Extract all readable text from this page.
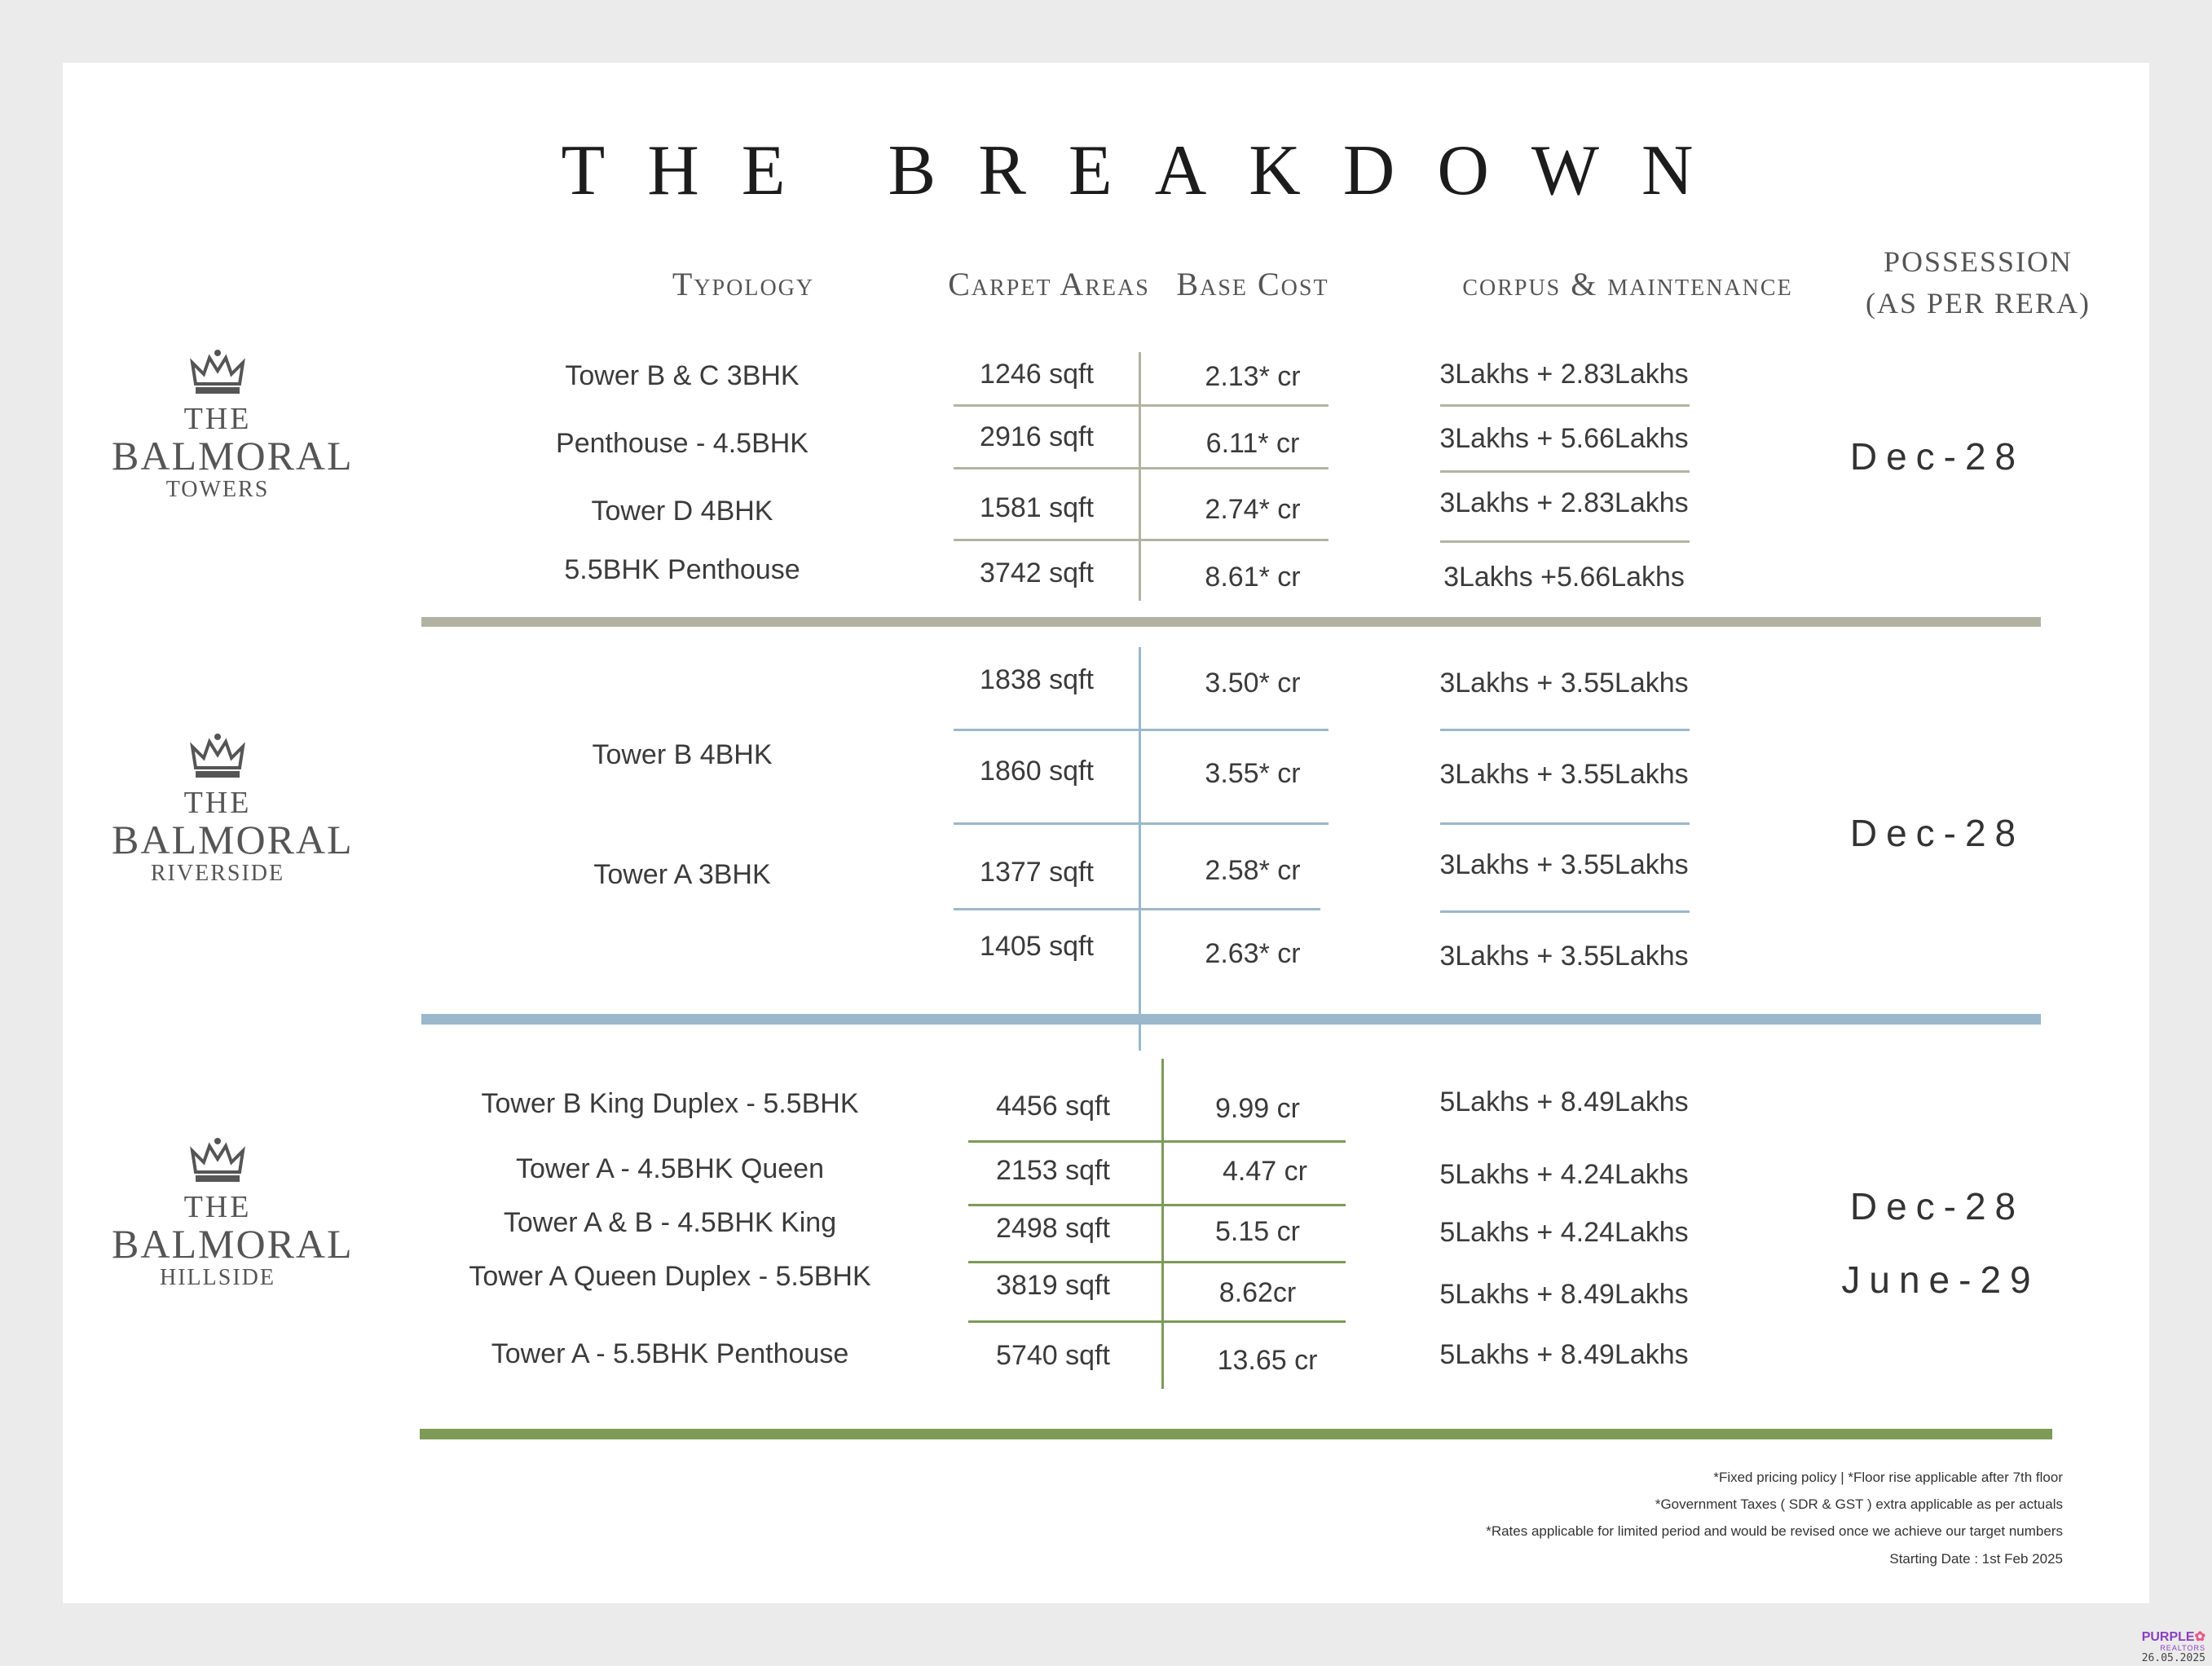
THE BREAKDOWN
Typology	Carpet Areas Base Cost	corpus & maintenance
POSSESSION
(AS PER RERA)
THE
BALMORAL
TOWERS
THE
BALMORAL
RIVERSIDE
THE
BALMORAL
HILLSIDE
Tower B & C 3BHK
Penthouse - 4.5BHK
Tower D 4BHK
5.5BHK Penthouse
1246 sqft
2916 sqft
1581 sqft
3742 sqft
2.13* cr
6.11* cr
2.74* cr
8.61* cr
3Lakhs + 2.83Lakhs
3Lakhs + 5.66Lakhs
3Lakhs + 2.83Lakhs
3Lakhs +5.66Lakhs
Dec-28
Tower B 4BHK
Tower A 3BHK
1838 sqft
1860 sqft
1377 sqft
1405 sqft
3.50* cr
3.55* cr
2.58* cr
2.63* cr
3Lakhs + 3.55Lakhs
3Lakhs + 3.55Lakhs
3Lakhs + 3.55Lakhs
3Lakhs + 3.55Lakhs
Dec-28
Tower B King Duplex - 5.5BHK
Tower A - 4.5BHK Queen
Tower A & B - 4.5BHK King
Tower A Queen Duplex - 5.5BHK
Tower A - 5.5BHK Penthouse
4456 sqft
2153 sqft
2498 sqft
3819 sqft
5740 sqft
9.99 cr
4.47 cr
5.15 cr
8.62cr
13.65 cr
5Lakhs + 8.49Lakhs
5Lakhs + 4.24Lakhs
5Lakhs + 4.24Lakhs
5Lakhs + 8.49Lakhs
5Lakhs + 8.49Lakhs
Dec-28
June-29
*Fixed pricing policy | *Floor rise applicable after 7th floor
*Government Taxes ( SDR & GST ) extra applicable as per actuals
*Rates applicable for limited period and would be revised once we achieve our target numbers
Starting Date : 1st Feb 2025
PURPLE✿
REALTORS
26.05.2025
